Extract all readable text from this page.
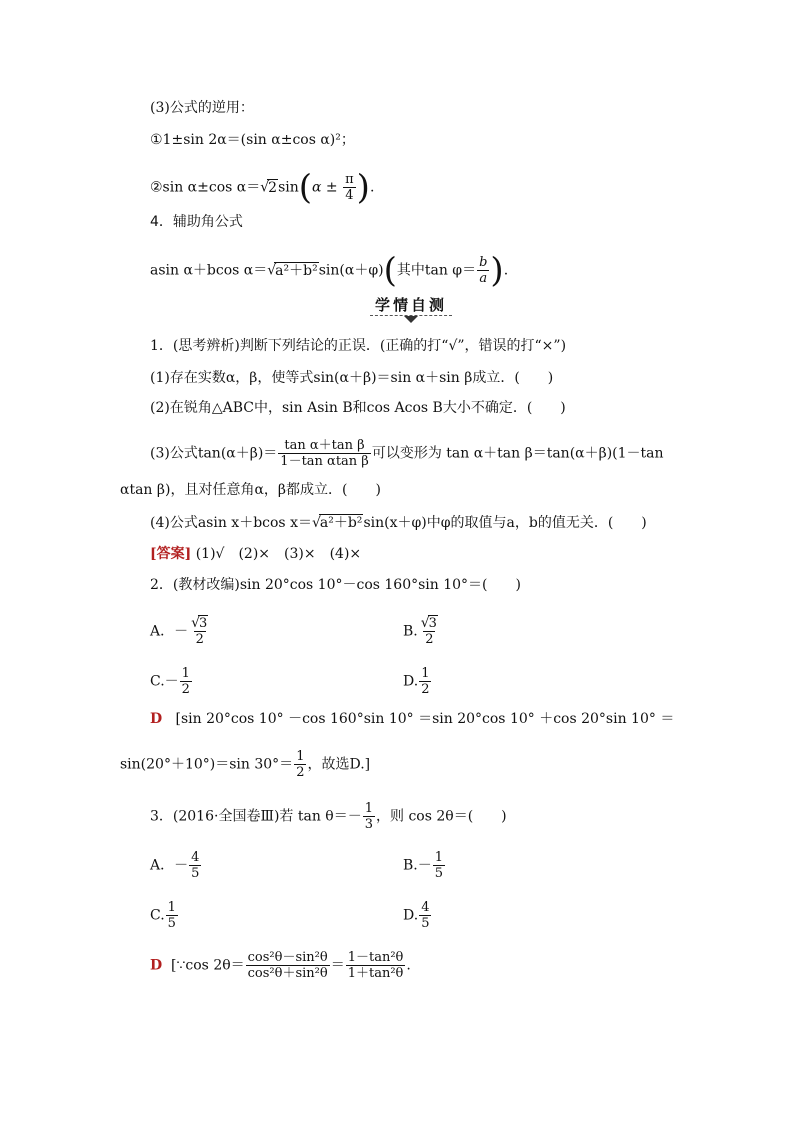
(3)公式的逆用：
①1±sin 2α＝(sin α±cos α)²；
②sin α±cos $\alpha=√2\sin(\alpha \pm \frac{\pi}{4}$ ).
4．辅助角公式
asin α＋bcos α＝√a²＋b²sin(α＋φ)(其中$\tan \varphi= \frac{b}{a}$ ).
学情自测
1．(思考辨析)判断下列结论的正误．(正确的打“√”，错误的打“×”)
(1)存在实数α，β，使等式sin(α＋β)＝sin α＋sin β成立．(　　)
(2)在锐角△ABC中，sin Asin B和cos Acos B大小不确定．(　　)
(3)公式$\tan(\alpha+\beta)= \frac{\text{tan α＋tan β}}{\text{1－tan αtan β}}$ 可以变形为 tan α＋tan β＝tan(α＋β)(1－tan
αtan β)，且对任意角α，β都成立．(　　)
(4)公式asin x＋bcos x＝√a²＋b²sin(x＋φ)中φ的取值与a，b的值无关．(　　)
[答案] (1)√　(2)×　(3)×　(4)×
2．(教材改编)sin 20°cos 10°－cos 160°sin 10°＝(　　)
A．－ $\frac{√3}{2}$	B. $\frac{√3}{2}$
$C.- \frac{1}{2}$	D. $\frac{1}{2}$
D [sin 20°cos 10° －cos 160°sin 10° ＝sin 20°cos 10° ＋cos 20°sin 10° ＝
sin(20°＋10°)＝sin $30^\circ= \frac{1}{2}$ ，故选D.]
3．(2016·全国卷Ⅲ)若 $\tan \theta=- \frac{1}{3}$ ，则 cos 2θ＝(　　)
A．－ $\frac{4}{5}$	$B.- \frac{1}{5}$
C. $\frac{1}{5}$	D. $\frac{4}{5}$
D [∵cos $2\theta= \frac{\text{cos²θ－sin²θ}}{\text{cos²θ＋sin²θ}} = \frac{\text{1－tan²θ}}{\text{1＋tan²θ}}$ .
